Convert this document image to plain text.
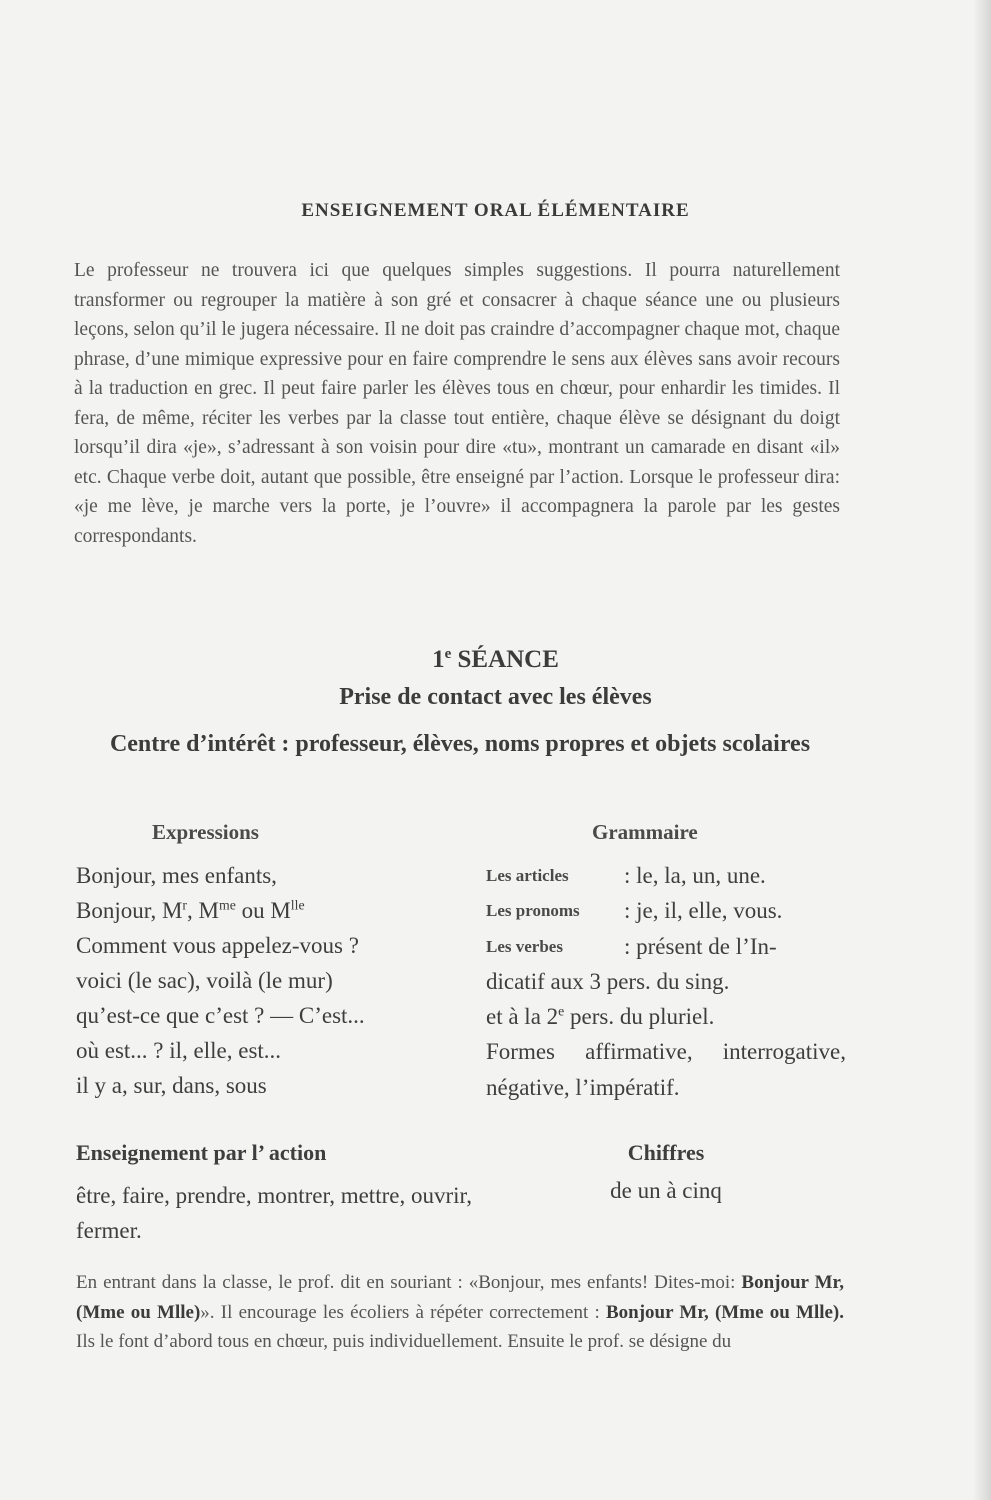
ENSEIGNEMENT ORAL ÉLÉMENTAIRE
Le professeur ne trouvera ici que quelques simples suggestions. Il pourra naturellement transformer ou regrouper la matière à son gré et consacrer à chaque séance une ou plusieurs leçons, selon qu’il le jugera nécessaire. Il ne doit pas craindre d’accompagner chaque mot, chaque phrase, d’une mimique expressive pour en faire comprendre le sens aux élèves sans avoir recours à la traduction en grec. Il peut faire parler les élèves tous en chœur, pour enhardir les timides. Il fera, de même, réciter les verbes par la classe tout entière, chaque élève se désignant du doigt lorsqu’il dira «je», s’adressant à son voisin pour dire «tu», montrant un camarade en disant «il» etc. Chaque verbe doit, autant que possible, être enseigné par l’action. Lorsque le professeur dira: «je me lève, je marche vers la porte, je l’ouvre» il accompagnera la parole par les gestes correspondants.
1e SÉANCE
Prise de contact avec les élèves
Centre d’intérêt : professeur, élèves, noms propres et objets scolaires
Expressions	Grammaire
Bonjour, mes enfants,
Bonjour, $M^r$, $M^{me}$ ou $M^{lle}$
Comment vous appelez-vous ?
voici (le sac), voilà (le mur)
qu’est-ce que c’est ? — C’est...
où est... ? il, elle, est...
il y a, sur, dans, sous
Les articles	: le, la, un, une.
Les pronoms	: je, il, elle, vous.
Les verbes	: présent de l’In-
dicatif aux 3 pers. du sing.
et à la 2e pers. du pluriel.
Formes affirmative, interrogative, négative, l’impératif.
Enseignement par l’ action
être, faire, prendre, montrer, mettre, ouvrir, fermer.
Chiffres
de un à cinq
En entrant dans la classe, le prof. dit en souriant : «Bonjour, mes enfants! Dites-moi: Bonjour Mr, (Mme ou Mlle)». Il encourage les écoliers à répéter correctement : Bonjour Mr, (Mme ou Mlle). Ils le font d’abord tous en chœur, puis individuellement. Ensuite le prof. se désigne du
